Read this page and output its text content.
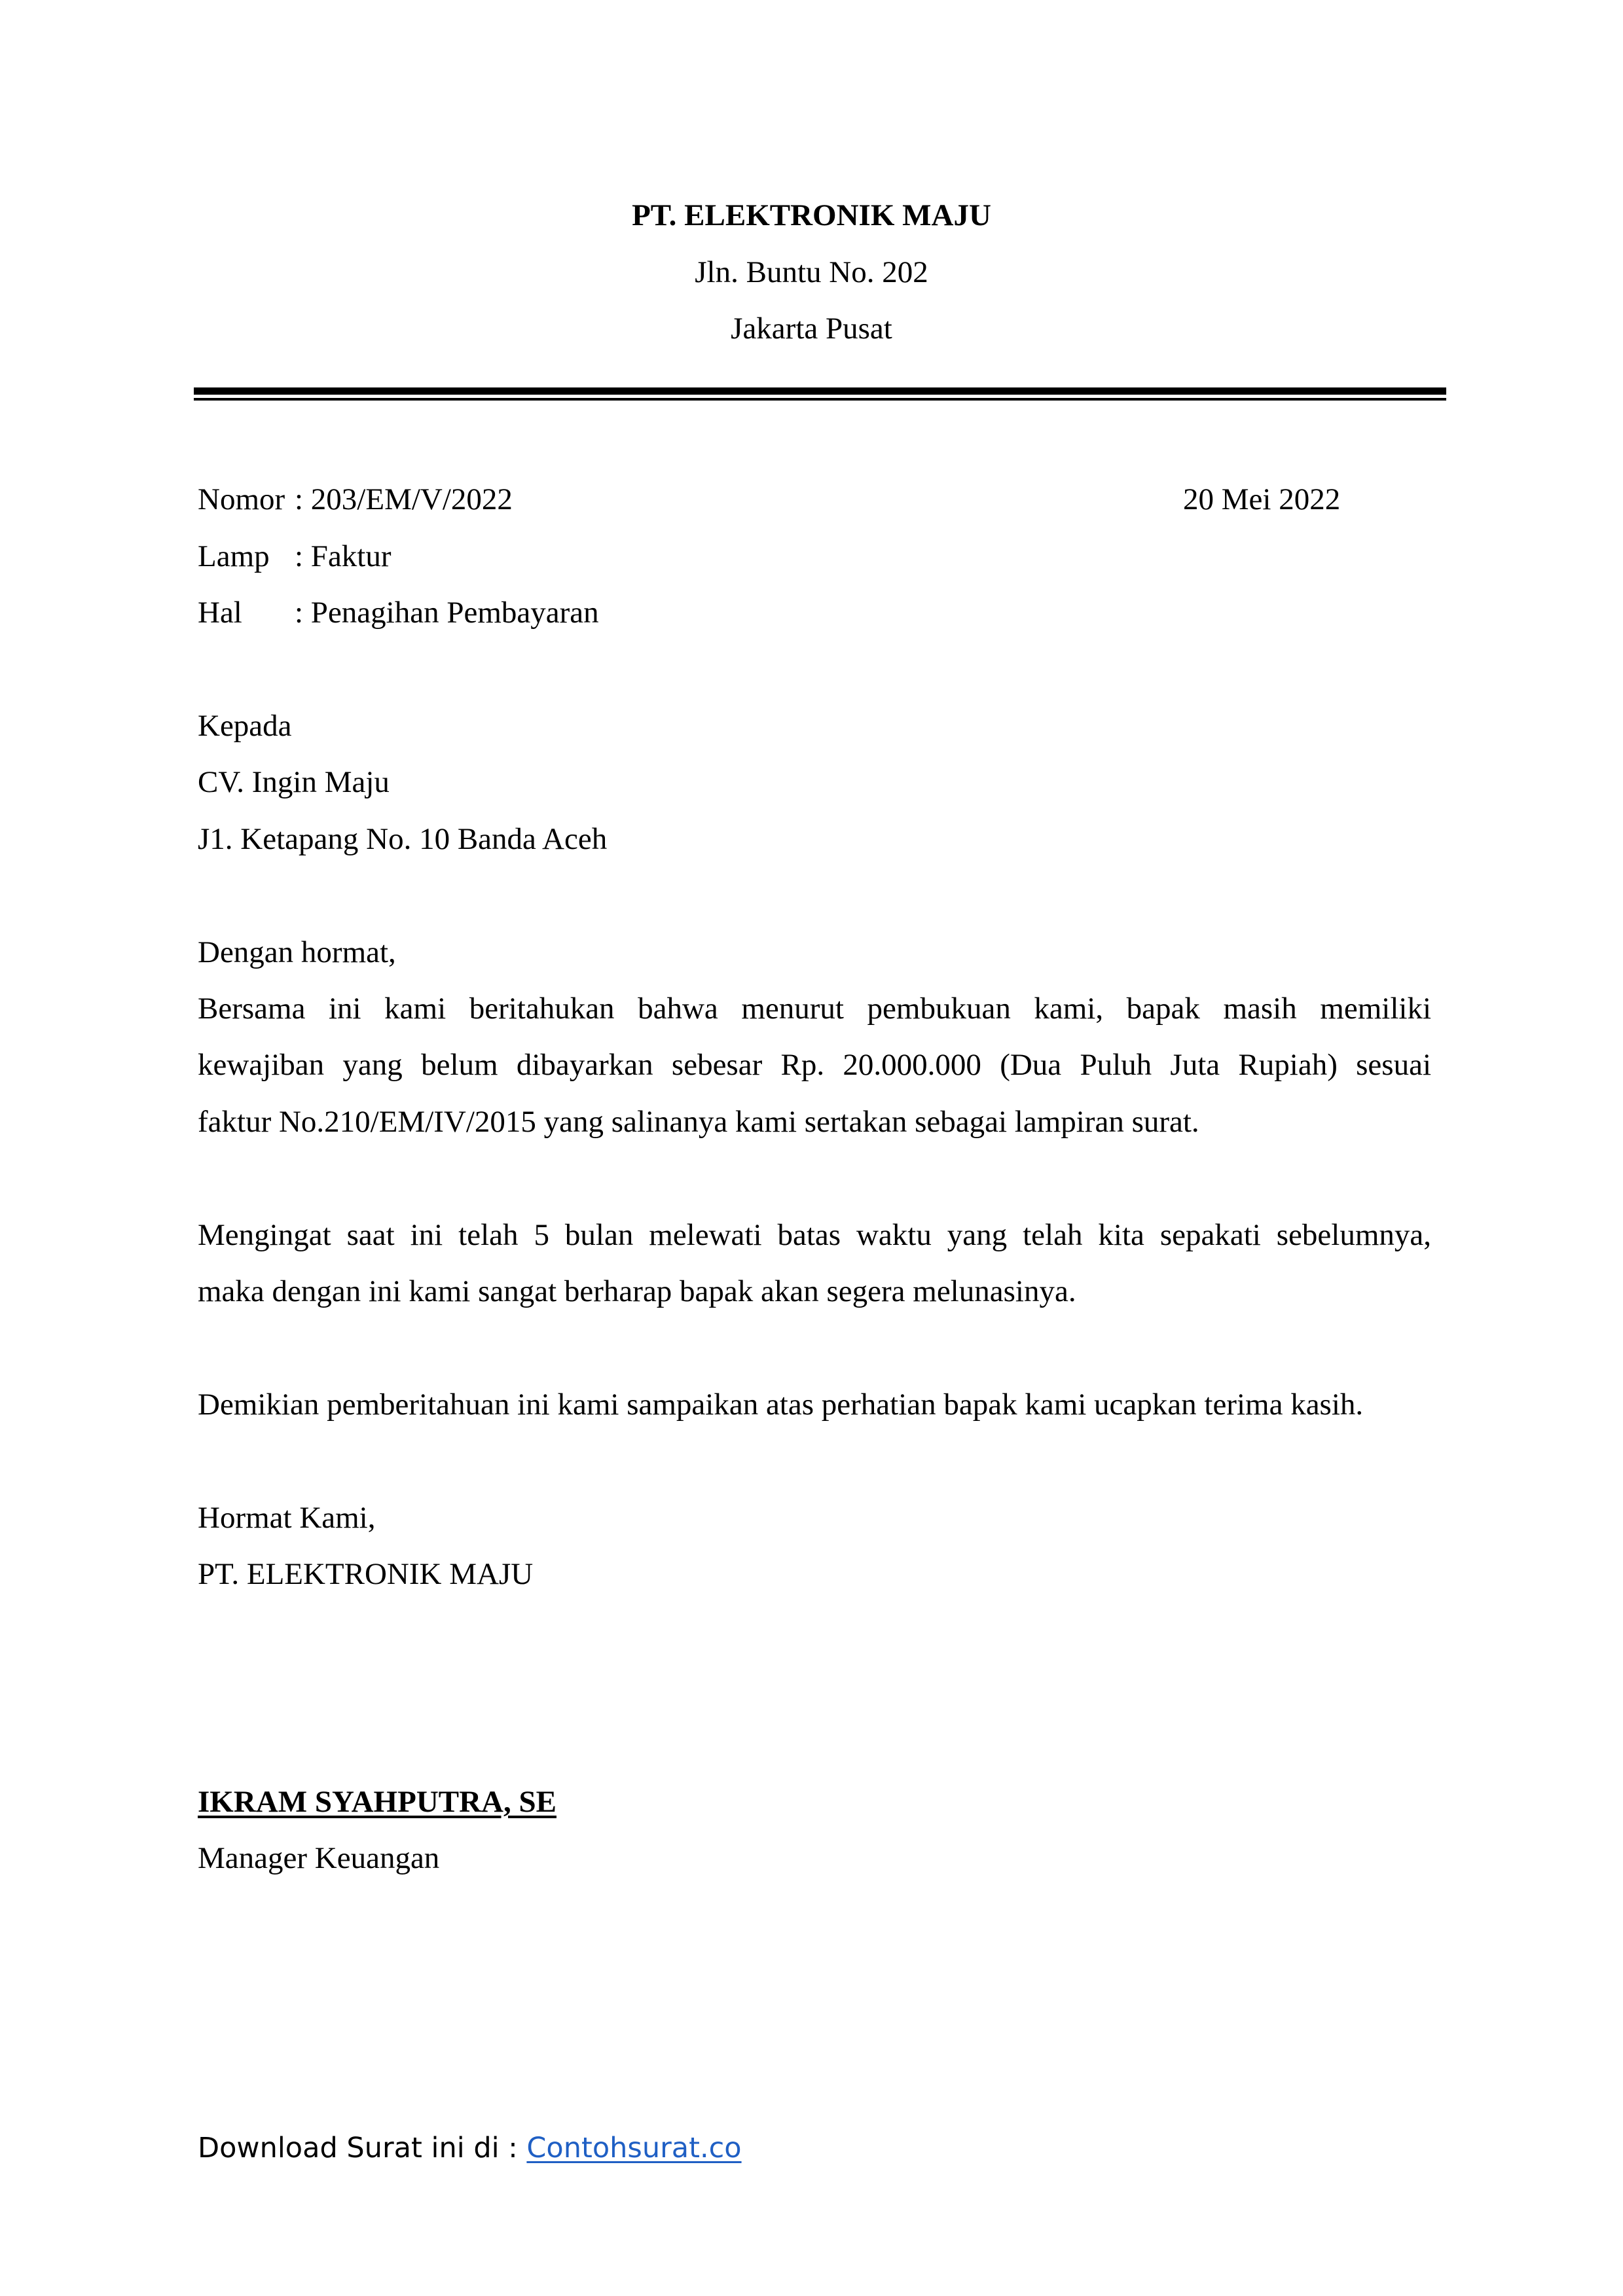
PT. ELEKTRONIK MAJU
Jln. Buntu No. 202
Jakarta Pusat
Nomor : 203/EM/V/2022	20 Mei 2022
Lamp : Faktur
Hal : Penagihan Pembayaran
Kepada
CV. Ingin Maju
J1. Ketapang No. 10 Banda Aceh
Dengan hormat,
Bersama ini kami beritahukan bahwa menurut pembukuan kami, bapak masih memiliki
kewajiban yang belum dibayarkan sebesar Rp. 20.000.000 (Dua Puluh Juta Rupiah) sesuai
faktur No.210/EM/IV/2015 yang salinanya kami sertakan sebagai lampiran surat.
Mengingat saat ini telah 5 bulan melewati batas waktu yang telah kita sepakati sebelumnya,
maka dengan ini kami sangat berharap bapak akan segera melunasinya.
Demikian pemberitahuan ini kami sampaikan atas perhatian bapak kami ucapkan terima kasih.
Hormat Kami,
PT. ELEKTRONIK MAJU
IKRAM SYAHPUTRA, SE
Manager Keuangan
Download Surat ini di : Contohsurat.co
